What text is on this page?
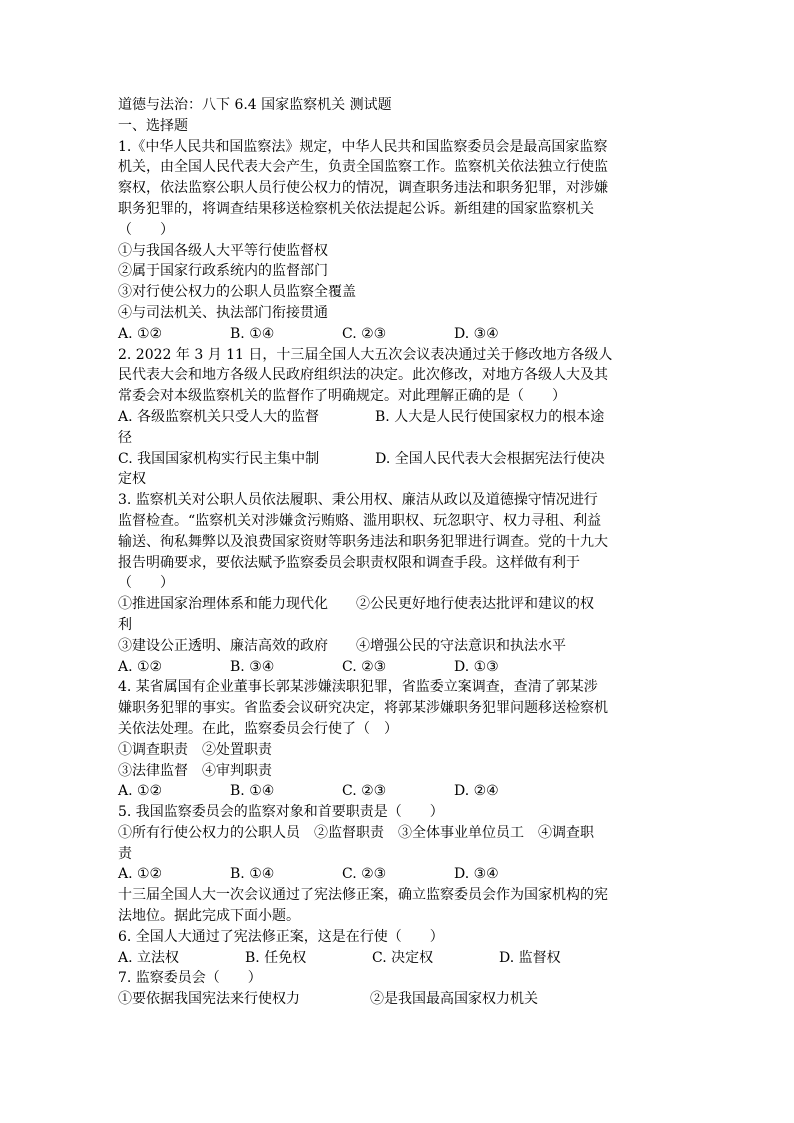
道德与法治：八下 6.4 国家监察机关 测试题
一、选择题
1.《中华人民共和国监察法》规定，中华人民共和国监察委员会是最高国家监察
机关，由全国人民代表大会产生，负责全国监察工作。监察机关依法独立行使监
察权，依法监察公职人员行使公权力的情况，调查职务违法和职务犯罪，对涉嫌
职务犯罪的，将调查结果移送检察机关依法提起公诉。新组建的国家监察机关
（　　）
①与我国各级人大平等行使监督权
②属于国家行政系统内的监督部门
③对行使公权力的公职人员监察全覆盖
④与司法机关、执法部门衔接贯通
A. ①②	B. ①④	C. ②③	D. ③④
2. 2022 年 3 月 11 日，十三届全国人大五次会议表决通过关于修改地方各级人
民代表大会和地方各级人民政府组织法的决定。此次修改，对地方各级人大及其
常委会对本级监察机关的监督作了明确规定。对此理解正确的是（　　）
A. 各级监察机关只受人大的监督　　　　B. 人大是人民行使国家权力的根本途
径
C. 我国国家机构实行民主集中制　　　　D. 全国人民代表大会根据宪法行使决
定权
3. 监察机关对公职人员依法履职、秉公用权、廉洁从政以及道德操守情况进行
监督检查。“监察机关对涉嫌贪污贿赂、滥用职权、玩忽职守、权力寻租、利益
输送、徇私舞弊以及浪费国家资财等职务违法和职务犯罪进行调查。党的十九大
报告明确要求，要依法赋予监察委员会职责权限和调查手段。这样做有利于
（　　）
①推进国家治理体系和能力现代化　　②公民更好地行使表达批评和建议的权
利
③建设公正透明、廉洁高效的政府　　④增强公民的守法意识和执法水平
A. ①②	B. ③④	C. ②③	D. ①③
4. 某省属国有企业董事长郭某涉嫌渎职犯罪，省监委立案调查，查清了郭某涉
嫌职务犯罪的事实。省监委会议研究决定，将郭某涉嫌职务犯罪问题移送检察机
关依法处理。在此，监察委员会行使了（　）
①调查职责　②处置职责
③法律监督　④审判职责
A. ①②	B. ①④	C. ②③	D. ②④
5. 我国监察委员会的监察对象和首要职责是（　　）
①所有行使公权力的公职人员　②监督职责　③全体事业单位员工　④调查职
责
A. ①②	B. ①④	C. ②③	D. ③④
十三届全国人大一次会议通过了宪法修正案，确立监察委员会作为国家机构的宪
法地位。据此完成下面小题。
6. 全国人大通过了宪法修正案，这是在行使（　　）
A. 立法权	B. 任免权	C. 决定权	D. 监督权
7. 监察委员会（　　）
①要依据我国宪法来行使权力　　　　　②是我国最高国家权力机关
